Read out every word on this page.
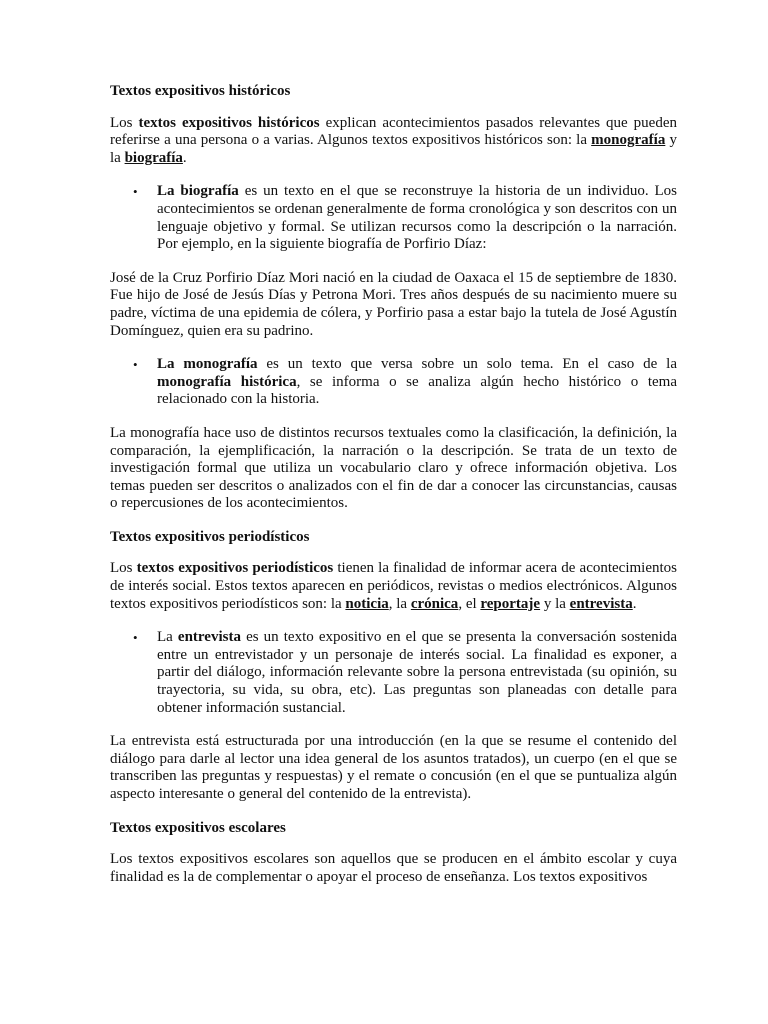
Textos expositivos históricos

Los textos expositivos históricos explican acontecimientos pasados relevantes que pueden referirse a una persona o a varias. Algunos textos expositivos históricos son: la monografía y la biografía.

• La biografía es un texto en el que se reconstruye la historia de un individuo. Los acontecimientos se ordenan generalmente de forma cronológica y son descritos con un lenguaje objetivo y formal. Se utilizan recursos como la descripción o la narración. Por ejemplo, en la siguiente biografía de Porfirio Díaz:

José de la Cruz Porfirio Díaz Mori nació en la ciudad de Oaxaca el 15 de septiembre de 1830. Fue hijo de José de Jesús Días y Petrona Mori. Tres años después de su nacimiento muere su padre, víctima de una epidemia de cólera, y Porfirio pasa a estar bajo la tutela de José Agustín Domínguez, quien era su padrino.

• La monografía es un texto que versa sobre un solo tema. En el caso de la monografía histórica, se informa o se analiza algún hecho histórico o tema relacionado con la historia.

La monografía hace uso de distintos recursos textuales como la clasificación, la definición, la comparación, la ejemplificación, la narración o la descripción. Se trata de un texto de investigación formal que utiliza un vocabulario claro y ofrece información objetiva. Los temas pueden ser descritos o analizados con el fin de dar a conocer las circunstancias, causas o repercusiones de los acontecimientos.

Textos expositivos periodísticos

Los textos expositivos periodísticos tienen la finalidad de informar acera de acontecimientos de interés social. Estos textos aparecen en periódicos, revistas o medios electrónicos. Algunos textos expositivos periodísticos son: la noticia, la crónica, el reportaje y la entrevista.

• La entrevista es un texto expositivo en el que se presenta la conversación sostenida entre un entrevistador y un personaje de interés social. La finalidad es exponer, a partir del diálogo, información relevante sobre la persona entrevistada (su opinión, su trayectoria, su vida, su obra, etc). Las preguntas son planeadas con detalle para obtener información sustancial.

La entrevista está estructurada por una introducción (en la que se resume el contenido del diálogo para darle al lector una idea general de los asuntos tratados), un cuerpo (en el que se transcriben las preguntas y respuestas) y el remate o concusión (en el que se puntualiza algún aspecto interesante o general del contenido de la entrevista).

Textos expositivos escolares

Los textos expositivos escolares son aquellos que se producen en el ámbito escolar y cuya finalidad es la de complementar o apoyar el proceso de enseñanza. Los textos expositivos
